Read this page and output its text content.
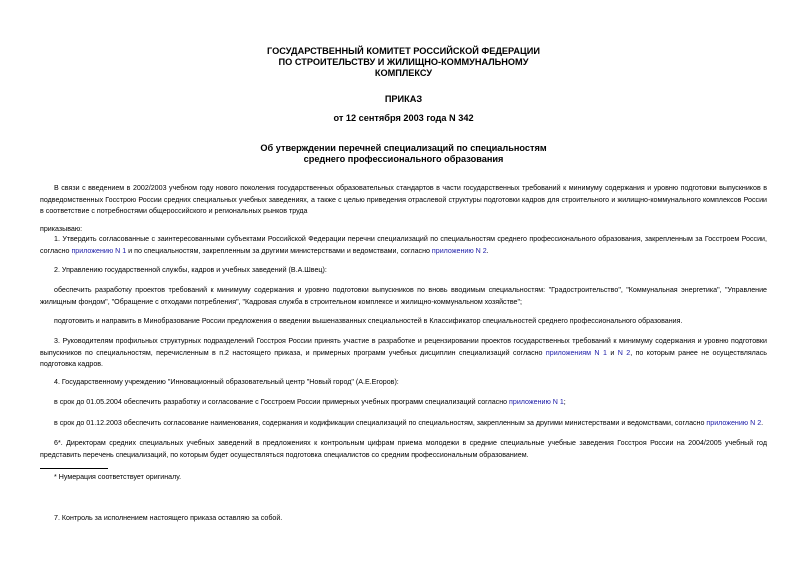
ГОСУДАРСТВЕННЫЙ КОМИТЕТ РОССИЙСКОЙ ФЕДЕРАЦИИ
ПО СТРОИТЕЛЬСТВУ И ЖИЛИЩНО-КОММУНАЛЬНОМУ
КОМПЛЕКСУ
ПРИКАЗ
от 12 сентября 2003 года N 342
Об утверждении перечней специализаций по специальностям
среднего профессионального образования
В связи с введением в 2002/2003 учебном году нового поколения государственных образовательных стандартов в части государственных требований к минимуму содержания и уровню подготовки выпускников в подведомственных Госстрою России средних специальных учебных заведениях, а также с целью приведения отраслевой структуры подготовки кадров для строительного и жилищно-коммунального комплексов России в соответствие с потребностями общероссийского и региональных рынков труда
приказываю:
1. Утвердить согласованные с заинтересованными субъектами Российской Федерации перечни специализаций по специальностям среднего профессионального образования, закрепленным за Госстроем России, согласно приложению N 1 и по специальностям, закрепленным за другими министерствами и ведомствами, согласно приложению N 2.
2. Управлению государственной службы, кадров и учебных заведений (В.А.Швец):
обеспечить разработку проектов требований к минимуму содержания и уровню подготовки выпускников по вновь вводимым специальностям: "Градостроительство", "Коммунальная энергетика", "Управление жилищным фондом", "Обращение с отходами потребления", "Кадровая служба в строительном комплексе и жилищно-коммунальном хозяйстве";
подготовить и направить в Минобразование России предложения о введении вышеназванных специальностей в Классификатор специальностей среднего профессионального образования.
3. Руководителям профильных структурных подразделений Госстроя России принять участие в разработке и рецензировании проектов государственных требований к минимуму содержания и уровню подготовки выпускников по специальностям, перечисленным в п.2 настоящего приказа, и примерных программ учебных дисциплин специализаций согласно приложениям N 1 и N 2, по которым ранее не осуществлялась подготовка кадров.
4. Государственному учреждению "Инновационный образовательный центр "Новый город" (А.Е.Егоров):
в срок до 01.05.2004 обеспечить разработку и согласование с Госстроем России примерных учебных программ специализаций согласно приложению N 1;
в срок до 01.12.2003 обеспечить согласование наименования, содержания и кодификации специализаций по специальностям, закрепленным за другими министерствами и ведомствами, согласно приложению N 2.
6*. Директорам средних специальных учебных заведений в предложениях к контрольным цифрам приема молодежи в средние специальные учебные заведения Госстроя России на 2004/2005 учебный год представить перечень специализаций, по которым будет осуществляться подготовка специалистов со средним профессиональным образованием.
* Нумерация соответствует оригиналу.
7. Контроль за исполнением настоящего приказа оставляю за собой.
